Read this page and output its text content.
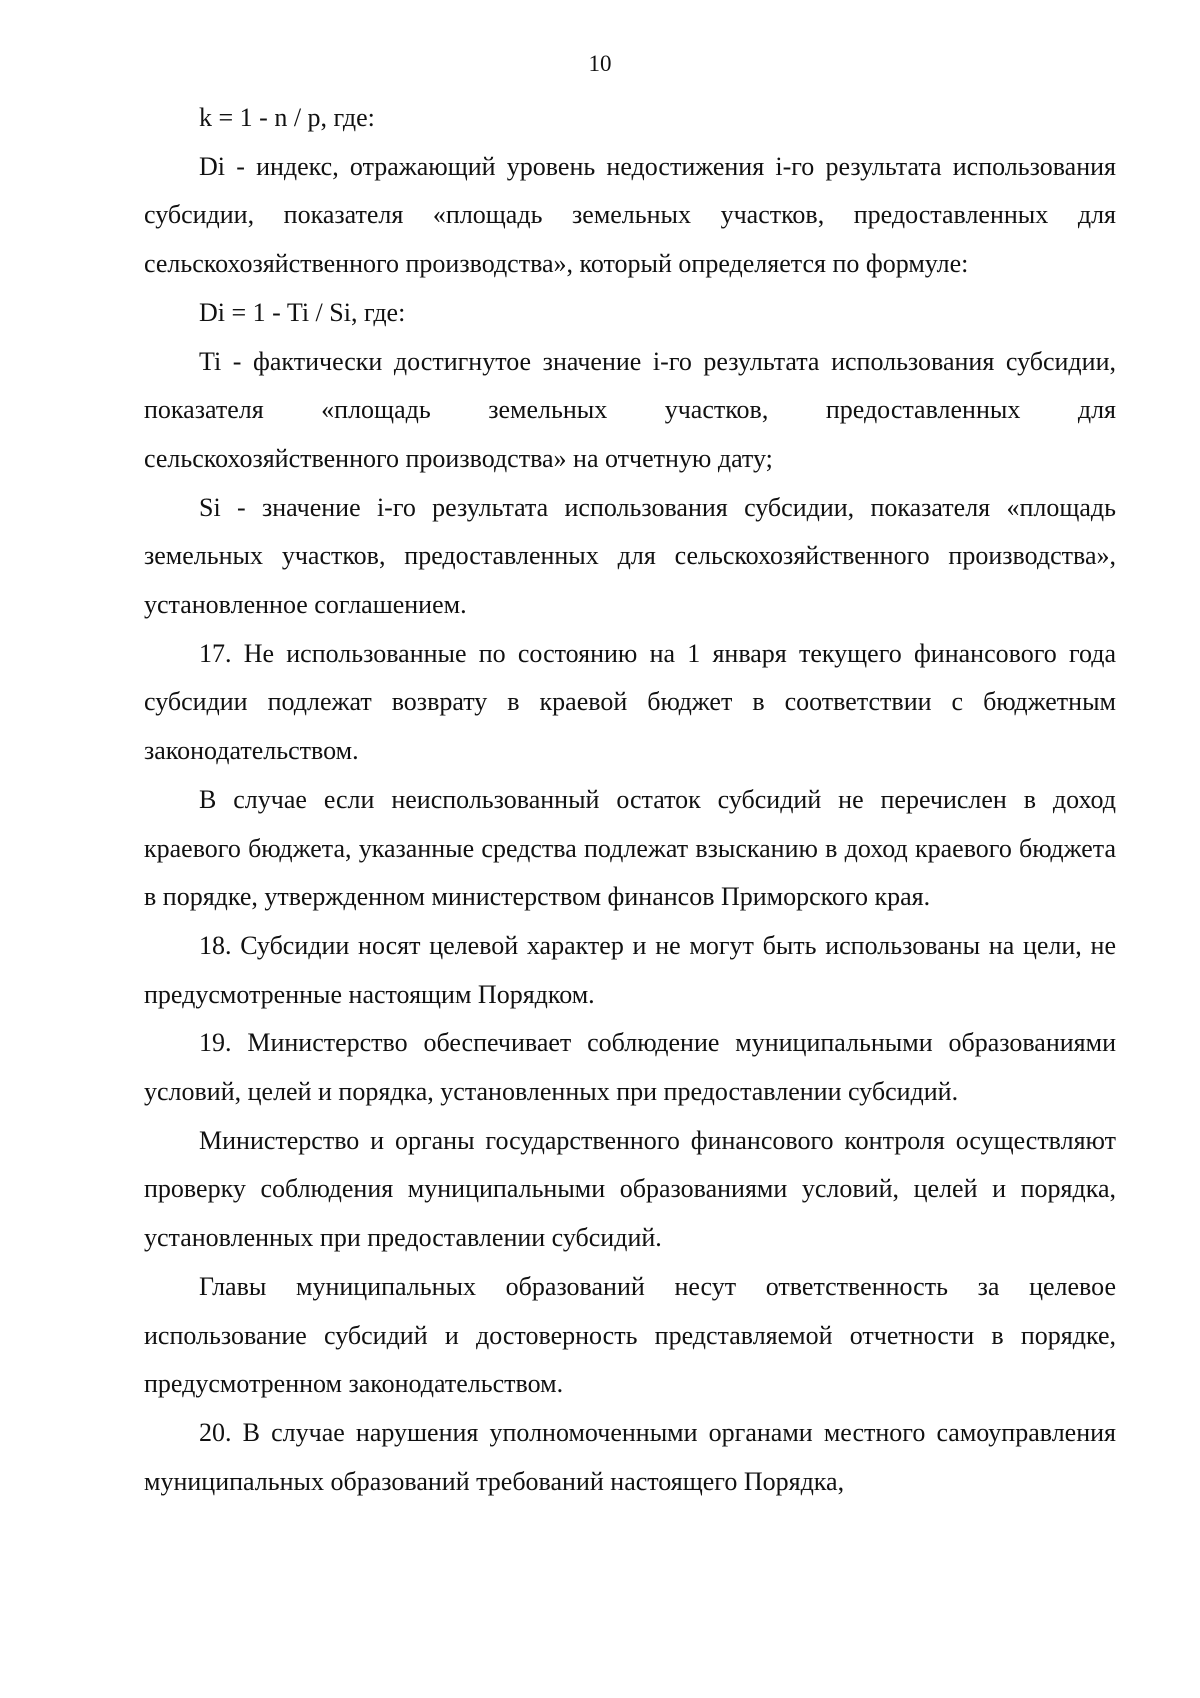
10

k = 1 - n / p, где:

Di - индекс, отражающий уровень недостижения i-го результата использования субсидии, показателя «площадь земельных участков, предоставленных для сельскохозяйственного производства», который определяется по формуле:

Di = 1 - Ti / Si, где:

Ti - фактически достигнутое значение i-го результата использования субсидии, показателя «площадь земельных участков, предоставленных для сельскохозяйственного производства» на отчетную дату;

Si - значение i-го результата использования субсидии, показателя «площадь земельных участков, предоставленных для сельскохозяйственного производства», установленное соглашением.

17. Не использованные по состоянию на 1 января текущего финансового года субсидии подлежат возврату в краевой бюджет в соответствии с бюджетным законодательством.

В случае если неиспользованный остаток субсидий не перечислен в доход краевого бюджета, указанные средства подлежат взысканию в доход краевого бюджета в порядке, утвержденном министерством финансов Приморского края.

18. Субсидии носят целевой характер и не могут быть использованы на цели, не предусмотренные настоящим Порядком.

19. Министерство обеспечивает соблюдение муниципальными образованиями условий, целей и порядка, установленных при предоставлении субсидий.

Министерство и органы государственного финансового контроля осуществляют проверку соблюдения муниципальными образованиями условий, целей и порядка, установленных при предоставлении субсидий.

Главы муниципальных образований несут ответственность за целевое использование субсидий и достоверность представляемой отчетности в порядке, предусмотренном законодательством.

20. В случае нарушения уполномоченными органами местного самоуправления муниципальных образований требований настоящего Порядка,
